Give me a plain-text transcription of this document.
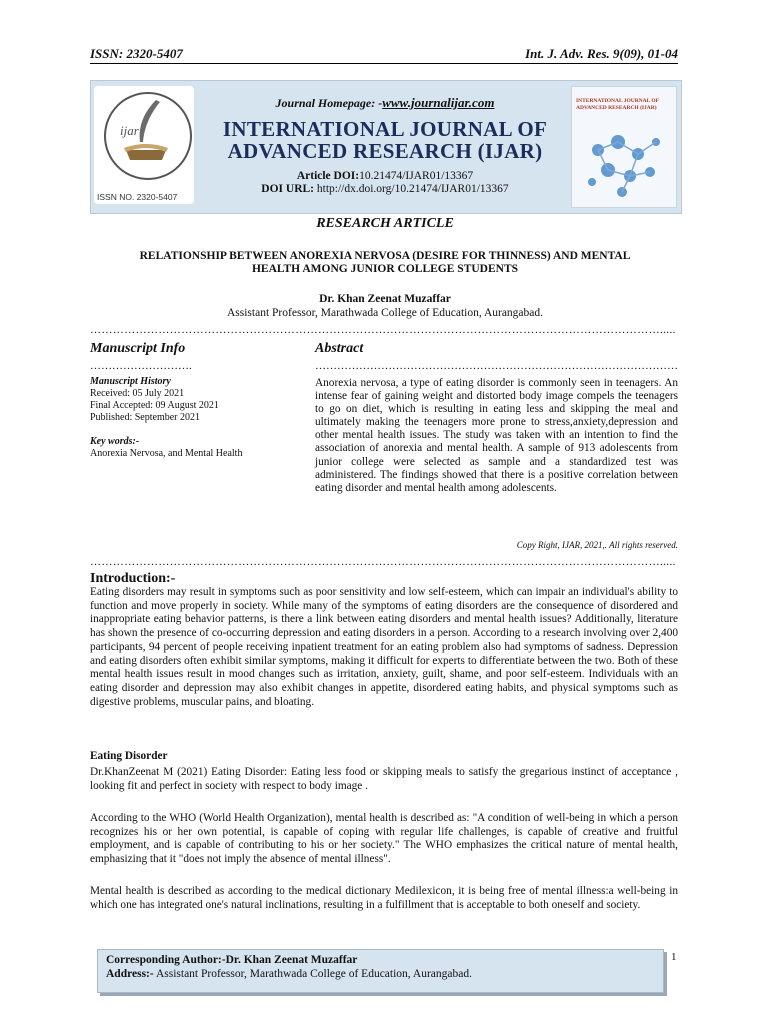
ISSN: 2320-5407	Int. J. Adv. Res. 9(09), 01-04
ijar
ISSN NO. 2320-5407
Journal Homepage: -www.journalijar.com
INTERNATIONAL JOURNAL OF
ADVANCED RESEARCH (IJAR)
Article DOI:10.21474/IJAR01/13367
DOI URL: http://dx.doi.org/10.21474/IJAR01/13367
INTERNATIONAL JOURNAL OF ADVANCED RESEARCH (IJAR)
RESEARCH ARTICLE
RELATIONSHIP BETWEEN ANOREXIA NERVOSA (DESIRE FOR THINNESS) AND MENTAL
HEALTH AMONG JUNIOR COLLEGE STUDENTS
Dr. Khan Zeenat Muzaffar
Assistant Professor, Marathwada College of Education, Aurangabad.
…………………………………………………………………………………………………………………………………….....
Manuscript Info	Abstract
……………………….	………………………………………………………………………………………
Manuscript History
Received: 05 July 2021
Final Accepted: 09 August 2021
Published: September 2021
Key words:-
Anorexia Nervosa, and Mental Health
Anorexia nervosa, a type of eating disorder is commonly seen in teenagers. An intense fear of gaining weight and distorted body image compels the teenagers to go on diet, which is resulting in eating less and skipping the meal and ultimately making the teenagers more prone to stress,anxiety,depression and other mental health issues. The study was taken with an intention to find the association of anorexia and mental health. A sample of 913 adolescents from junior college were selected as sample and a standardized test was administered. The findings showed that there is a positive correlation between eating disorder and mental health among adolescents.
Copy Right, IJAR, 2021,. All rights reserved.
…………………………………………………………………………………………………………………………………….....
Introduction:-
Eating disorders may result in symptoms such as poor sensitivity and low self-esteem, which can impair an individual's ability to function and move properly in society. While many of the symptoms of eating disorders are the consequence of disordered and inappropriate eating behavior patterns, is there a link between eating disorders and mental health issues? Additionally, literature has shown the presence of co-occurring depression and eating disorders in a person. According to a research involving over 2,400 participants, 94 percent of people receiving inpatient treatment for an eating problem also had symptoms of sadness. Depression and eating disorders often exhibit similar symptoms, making it difficult for experts to differentiate between the two. Both of these mental health issues result in mood changes such as irritation, anxiety, guilt, shame, and poor self-esteem. Individuals with an eating disorder and depression may also exhibit changes in appetite, disordered eating habits, and physical symptoms such as digestive problems, muscular pains, and bloating.
Eating Disorder
Dr.KhanZeenat M (2021) Eating Disorder: Eating less food or skipping meals to satisfy the gregarious instinct of acceptance , looking fit and perfect in society with respect to body image .
According to the WHO (World Health Organization), mental health is described as: "A condition of well-being in which a person recognizes his or her own potential, is capable of coping with regular life challenges, is capable of creative and fruitful employment, and is capable of contributing to his or her society." The WHO emphasizes the critical nature of mental health, emphasizing that it "does not imply the absence of mental illness".
Mental health is described as according to the medical dictionary Medilexicon, it is being free of mental illness:a well-being in which one has integrated one's natural inclinations, resulting in a fulfillment that is acceptable to both oneself and society.
Corresponding Author:-Dr. Khan Zeenat Muzaffar
Address:- Assistant Professor, Marathwada College of Education, Aurangabad.
1
